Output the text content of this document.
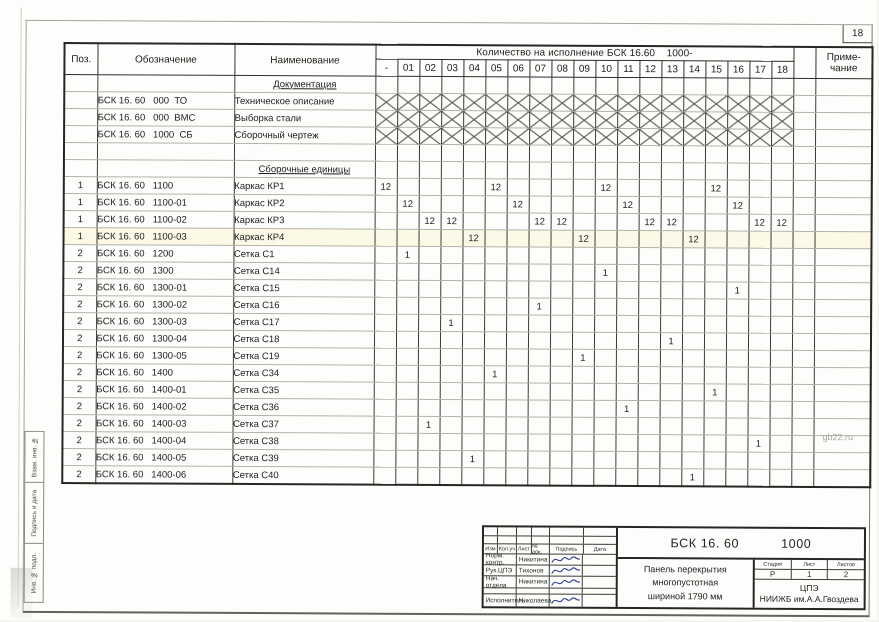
18
Взам. инв. №
Подпись и дата
Инв. № подл.
Поз.	Обозначение	Наименование	Количество на исполнение БСК 16.60    1000-																				Приме-
чание

			-	01	02	03	04	05	06	07	08	09	10	11	12	13	14	15	16	17	18		
		Документация																					
	БСК 16. 60   000  ТО	Техническое описание																					
	БСК 16. 60   000  ВМС	Выборка стали																					
	БСК 16. 60   1000  СБ	Сборочный чертеж																					

		Сборочные единицы																					
1	БСК 16. 60   1100	Каркас КР1	12					12					12					12					
1	БСК 16. 60   1100-01	Каркас КР2		12					12					12					12				
1	БСК 16. 60   1100-02	Каркас КР3			12	12				12	12				12	12				12	12		
1	БСК 16. 60   1100-03	Каркас КР4					12					12					12						
2	БСК 16. 60   1200	Сетка С1		1																			
2	БСК 16. 60   1300	Сетка С14											1										
2	БСК 16. 60   1300-01	Сетка С15																	1				
2	БСК 16. 60   1300-02	Сетка С16								1													
2	БСК 16. 60   1300-03	Сетка С17				1																	
2	БСК 16. 60   1300-04	Сетка С18														1							
2	БСК 16. 60   1300-05	Сетка С19										1											
2	БСК 16. 60   1400	Сетка С34						1															
2	БСК 16. 60   1400-01	Сетка С35																1					
2	БСК 16. 60   1400-02	Сетка С36												1									
2	БСК 16. 60   1400-03	Сетка С37			1																		
2	БСК 16. 60   1400-04	Сетка С38																		1			
2	БСК 16. 60   1400-05	Сетка С39					1																
2	БСК 16. 60   1400-06	Сетка С40															1						
gb22.ru
Изм Кол.уч Лист № док.	Подпись	Дата
Норм. контр.	Никитина
Рук.ЦПЭ	Тихонов
Нач. отдела	Никитина
Исполнитель
Николаева
БСК 16. 60	1000
Панель перекрытия
многопустотная
шириной 1790 мм
Стадия	Лист	Листов
Р	1	2
ЦПЭ
НИИЖБ им.А.А.Гвоздева
